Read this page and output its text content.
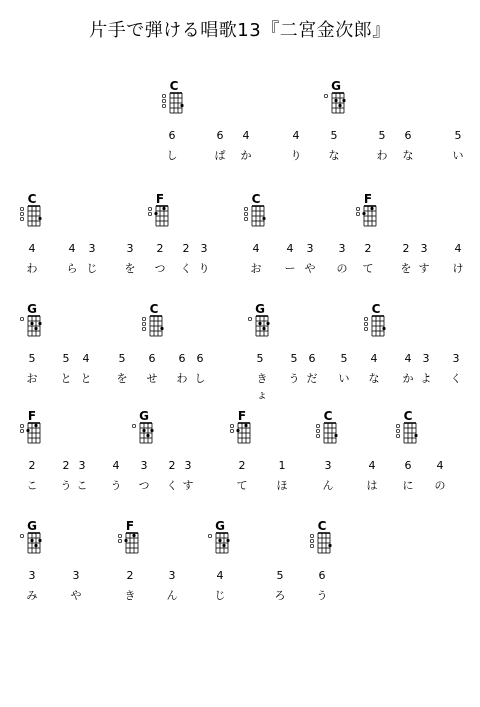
片手で弾ける唱歌13『二宮金次郎』
C	G
6	6	4	4	5	5	6	5
し	ぱ	か	り	な	わ	な	い
C	F	C	F
4	4	3	3	2	2	3	4	4	3	3	2	2	3	4
わ	ら じ	を	つ	く り	お	ー や	の	て	を す	け
G	C	G	C
5	5	4	5	6	6	6	5	5	6	5	4	4	3	3
お	と と	を	せ	わ し	きょ
う だ	い	な	か よ	く
F	G	F	C	C
2	2 3	4	3	2 3	2	1	3	4	6	4
こ	う こ	う	つ	く す	て	ほ	ん	は	に	の
G	F	G	C
3	3	2	3	4	5	6
み	や	き	ん	じ	ろ	う
